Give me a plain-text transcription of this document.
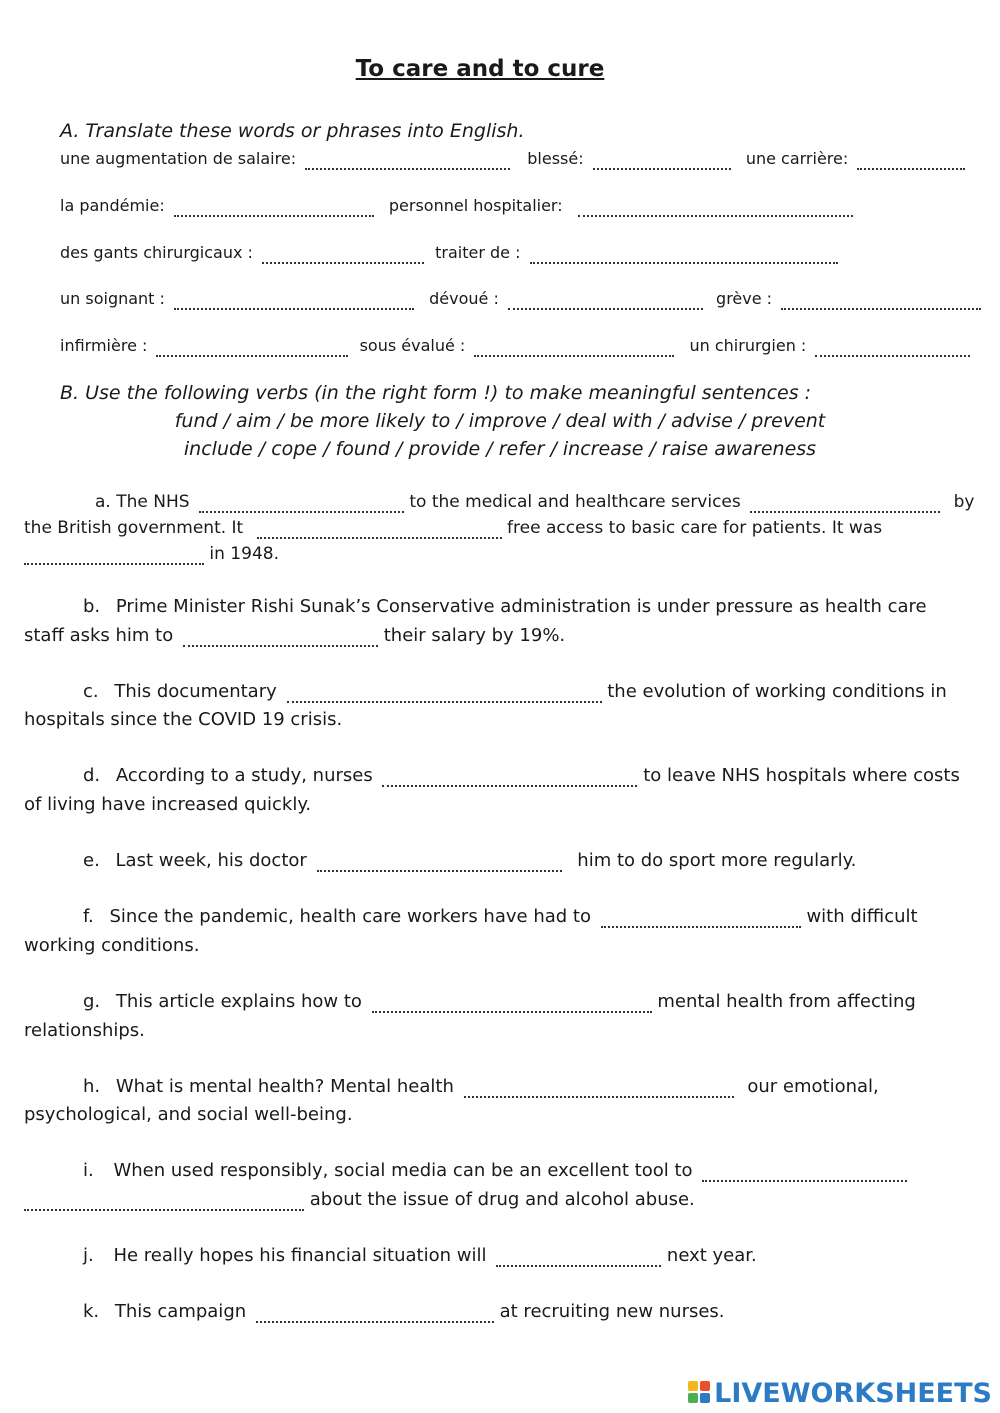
To care and to cure
A. Translate these words or phrases into English.
une augmentation de salaire:	blessé:	une carrière:
la pandémie:	personnel hospitalier:
des gants chirurgicaux :	traiter de :
un soignant :	dévoué :	grève :
infirmière :	sous évalué :	un chirurgien :
B. Use the following verbs (in the right form !) to make meaningful sentences :
fund / aim / be more likely to / improve / deal with / advise / prevent
include / cope / found / provide / refer / increase / raise awareness
a. The NHS	to the medical and healthcare services	by
the British government. It	free access to basic care for patients. It was
in 1948.
b. Prime Minister Rishi Sunak’s Conservative administration is under pressure as health care
staff asks him to	their salary by 19%.
c. This documentary	the evolution of working conditions in
hospitals since the COVID 19 crisis.
d. According to a study, nurses	to leave NHS hospitals where costs
of living have increased quickly.
e. Last week, his doctor	him to do sport more regularly.
f. Since the pandemic, health care workers have had to	with difficult
working conditions.
g. This article explains how to	mental health from affecting
relationships.
h. What is mental health? Mental health	our emotional,
psychological, and social well-being.
i. When used responsibly, social media can be an excellent tool to
about the issue of drug and alcohol abuse.
j. He really hopes his financial situation will	next year.
k. This campaign	at recruiting new nurses.
LIVEWORKSHEETS
